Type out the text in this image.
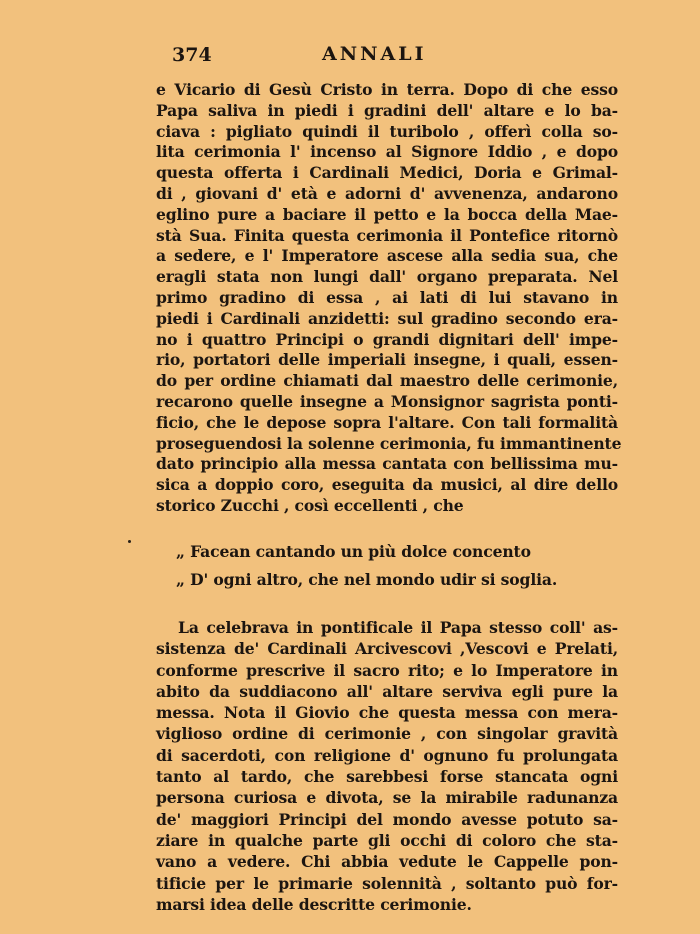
374	ANNALI
e Vicario di Gesù Cristo in terra. Dopo di che esso
Papa saliva in piedi i gradini dell' altare e lo ba-
ciava : pigliato quindi il turibolo , offerì colla so-
lita cerimonia l' incenso al Signore Iddio , e dopo
questa offerta i Cardinali Medici, Doria e Grimal-
di , giovani d' età e adorni d' avvenenza, andarono
eglino pure a baciare il petto e la bocca della Mae-
stà Sua. Finita questa cerimonia il Pontefice ritornò
a sedere, e l' Imperatore ascese alla sedia sua, che
eragli stata non lungi dall' organo preparata. Nel
primo gradino di essa , ai lati di lui stavano in
piedi i Cardinali anzidetti: sul gradino secondo era-
no i quattro Principi o grandi dignitari dell' impe-
rio, portatori delle imperiali insegne, i quali, essen-
do per ordine chiamati dal maestro delle cerimonie,
recarono quelle insegne a Monsignor sagrista ponti-
ficio, che le depose sopra l'altare. Con tali formalità
proseguendosi la solenne cerimonia, fu immantinente
dato principio alla messa cantata con bellissima mu-
sica a doppio coro, eseguita da musici, al dire dello
storico Zucchi , così eccellenti , che
„ Facean cantando un più dolce concento
„ D' ogni altro, che nel mondo udir si soglia.
La celebrava in pontificale il Papa stesso coll' as-
sistenza de' Cardinali Arcivescovi ,Vescovi e Prelati,
conforme prescrive il sacro rito; e lo Imperatore in
abito da suddiacono all' altare serviva egli pure la
messa. Nota il Giovio che questa messa con mera-
viglioso ordine di cerimonie , con singolar gravità
di sacerdoti, con religione d' ognuno fu prolungata
tanto al tardo, che sarebbesi forse stancata ogni
persona curiosa e divota, se la mirabile radunanza
de' maggiori Principi del mondo avesse potuto sa-
ziare in qualche parte gli occhi di coloro che sta-
vano a vedere. Chi abbia vedute le Cappelle pon-
tificie per le primarie solennità , soltanto può for-
marsi idea delle descritte cerimonie.
